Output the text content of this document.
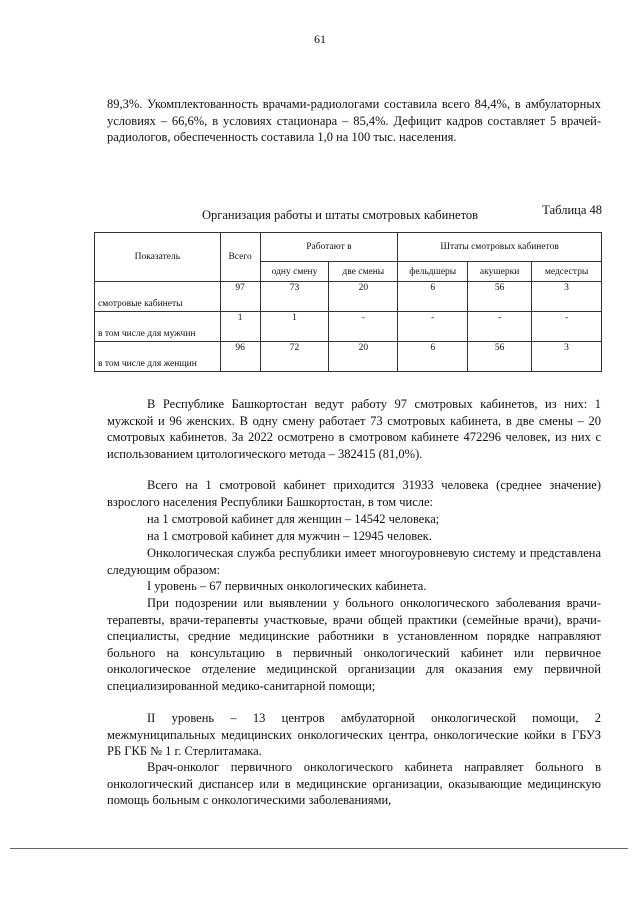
61
89,3%. Укомплектованность врачами-радиологами составила всего 84,4%, в амбулаторных условиях – 66,6%, в условиях стационара – 85,4%. Дефицит кадров составляет 5 врачей-радиологов, обеспеченность составила 1,0 на 100 тыс. населения.
Таблица 48
Организация работы и штаты смотровых кабинетов
Показатель	Всего	Работают в		Штаты смотровых кабинетов		
		одну смену	две смены	фельдшеры	акушерки	медсестры
смотровые кабинеты	97	73	20	6	56	3
в том числе для мужчин	1	1	-	-	-	-
в том числе для женщин	96	72	20	6	56	3
В Республике Башкортостан ведут работу 97 смотровых кабинетов, из них: 1 мужской и 96 женских. В одну смену работает 73 смотровых кабинета, в две смены – 20 смотровых кабинетов. За 2022 осмотрено в смотровом кабинете 472296 человек, из них с использованием цитологического метода – 382415 (81,0%).
Всего на 1 смотровой кабинет приходится 31933 человека (среднее значение) взрослого населения Республики Башкортостан, в том числе:
на 1 смотровой кабинет для женщин – 14542 человека;
на 1 смотровой кабинет для мужчин – 12945 человек.
Онкологическая служба республики имеет многоуровневую систему и представлена следующим образом:
I уровень – 67 первичных онкологических кабинета.
При подозрении или выявлении у больного онкологического заболевания врачи-терапевты, врачи-терапевты участковые, врачи общей практики (семейные врачи), врачи-специалисты, средние медицинские работники в установленном порядке направляют больного на консультацию в первичный онкологический кабинет или первичное онкологическое отделение медицинской организации для оказания ему первичной специализированной медико-санитарной помощи;
II уровень – 13 центров амбулаторной онкологической помощи, 2 межмуниципальных медицинских онкологических центра, онкологические койки в ГБУЗ РБ ГКБ № 1 г. Стерлитамака.
Врач-онколог первичного онкологического кабинета направляет больного в онкологический диспансер или в медицинские организации, оказывающие медицинскую помощь больным с онкологическими заболеваниями,
